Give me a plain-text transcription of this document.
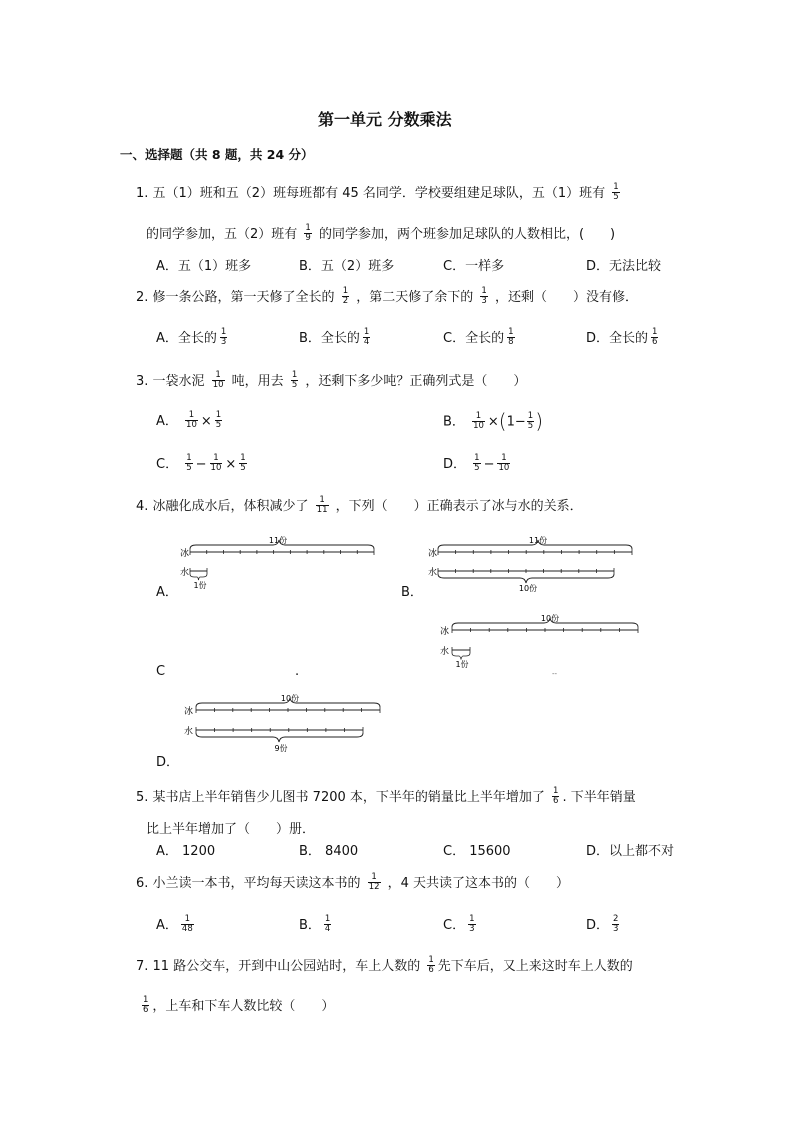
第一单元 分数乘法
一、选择题（共 8 题，共 24 分）
1. 五（1）班和五（2）班每班都有 45 名同学．学校要组建足球队，五（1）班有 $\frac{1}{5}$
的同学参加，五（2）班有 $\frac{1}{9}$ 的同学参加，两个班参加足球队的人数相比，(　　)
A．五（1）班多	B．五（2）班多	C．一样多	D．无法比较
2. 修一条公路，第一天修了全长的 $\frac{1}{2}$ ，第二天修了余下的 $\frac{1}{3}$ ，还剩（　　）没有修．
A．全长的 $\frac{1}{3}$	B．全长的 $\frac{1}{4}$	C．全长的 $\frac{1}{8}$	D．全长的 $\frac{1}{6}$
3. 一袋水泥 $\frac{1}{10}$ 吨，用去 $\frac{1}{5}$ ，还剩下多少吨？正确列式是（　　）
A． $\frac{1}{10} \times \frac{1}{5}$	B． $\frac{1}{10} \times(1- \frac{1}{5}$ )
C． $\frac{1}{5} - \frac{1}{10} \times \frac{1}{5}$	D． $\frac{1}{5} - \frac{1}{10}$
4. 冰融化成水后，体积减少了 $\frac{1}{11}$ ，下列（　　）正确表示了冰与水的关系．
11份
冰
水
1份
A．
11份
冰
水
10份
B．
10份
冰
水
1份
--
C	.
10份
冰
水
9份
D．
5. 某书店上半年销售少儿图书 7200 本，下半年的销量比上半年增加了 $\frac{1}{6}$ . 下半年销量
比上半年增加了（　　）册．
A． 1200	B． 8400	C． 15600	D．以上都不对
6. 小兰读一本书，平均每天读这本书的 $\frac{1}{12}$ ，4 天共读了这本书的（　　）
A． $\frac{1}{48}$	B． $\frac{1}{4}$	C． $\frac{1}{3}$	D． $\frac{2}{3}$
7. 11 路公交车，开到中山公园站时，车上人数的 $\frac{1}{6}$ 先下车后，又上来这时车上人数的
$\frac{1}{6}$ ，上车和下车人数比较（　　）
